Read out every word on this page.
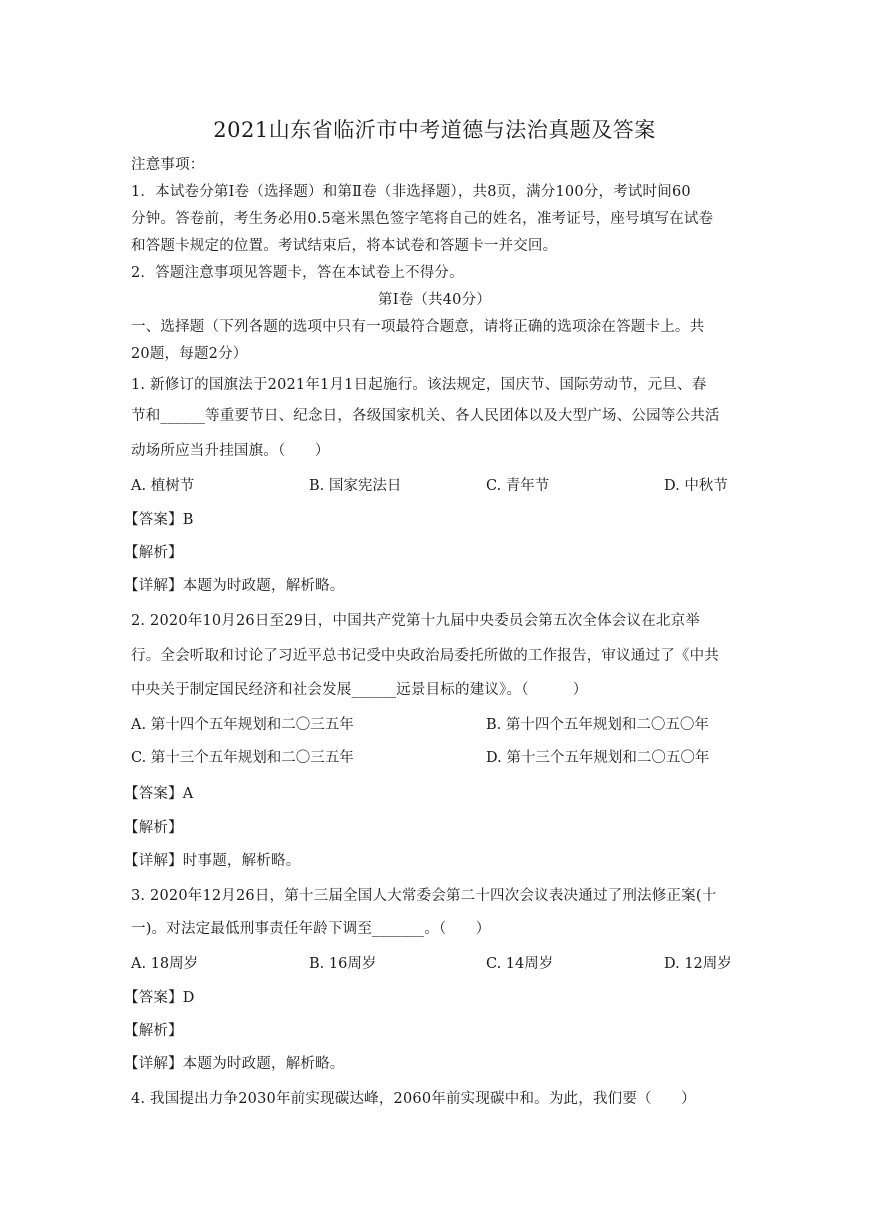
2021山东省临沂市中考道德与法治真题及答案
注意事项：
1．本试卷分第Ⅰ卷（选择题）和第Ⅱ卷（非选择题），共8页，满分100分，考试时间60
分钟。答卷前，考生务必用0.5毫米黑色签字笔将自己的姓名，准考证号，座号填写在试卷
和答题卡规定的位置。考试结束后，将本试卷和答题卡一并交回。
2．答题注意事项见答题卡，答在本试卷上不得分。
第Ⅰ卷（共40分）
一、选择题（下列各题的选项中只有一项最符合题意，请将正确的选项涂在答题卡上。共
20题，每题2分）
1. 新修订的国旗法于2021年1月1日起施行。该法规定，国庆节、国际劳动节，元旦、春
节和______等重要节日、纪念日，各级国家机关、各人民团体以及大型广场、公园等公共活
动场所应当升挂国旗。（　　）
A. 植树节	B. 国家宪法日	C. 青年节	D. 中秋节
【答案】B
【解析】
【详解】本题为时政题，解析略。
2. 2020年10月26日至29日，中国共产党第十九届中央委员会第五次全体会议在北京举
行。全会听取和讨论了习近平总书记受中央政治局委托所做的工作报告，审议通过了《中共
中央关于制定国民经济和社会发展______远景目标的建议》。（　　　）
A. 第十四个五年规划和二〇三五年	B. 第十四个五年规划和二〇五〇年
C. 第十三个五年规划和二〇三五年	D. 第十三个五年规划和二〇五〇年
【答案】A
【解析】
【详解】时事题，解析略。
3. 2020年12月26日，第十三届全国人大常委会第二十四次会议表决通过了刑法修正案(十
一)。对法定最低刑事责任年龄下调至_______。（　　）
A. 18周岁	B. 16周岁	C. 14周岁	D. 12周岁
【答案】D
【解析】
【详解】本题为时政题，解析略。
4. 我国提出力争2030年前实现碳达峰，2060年前实现碳中和。为此，我们要（　　）
